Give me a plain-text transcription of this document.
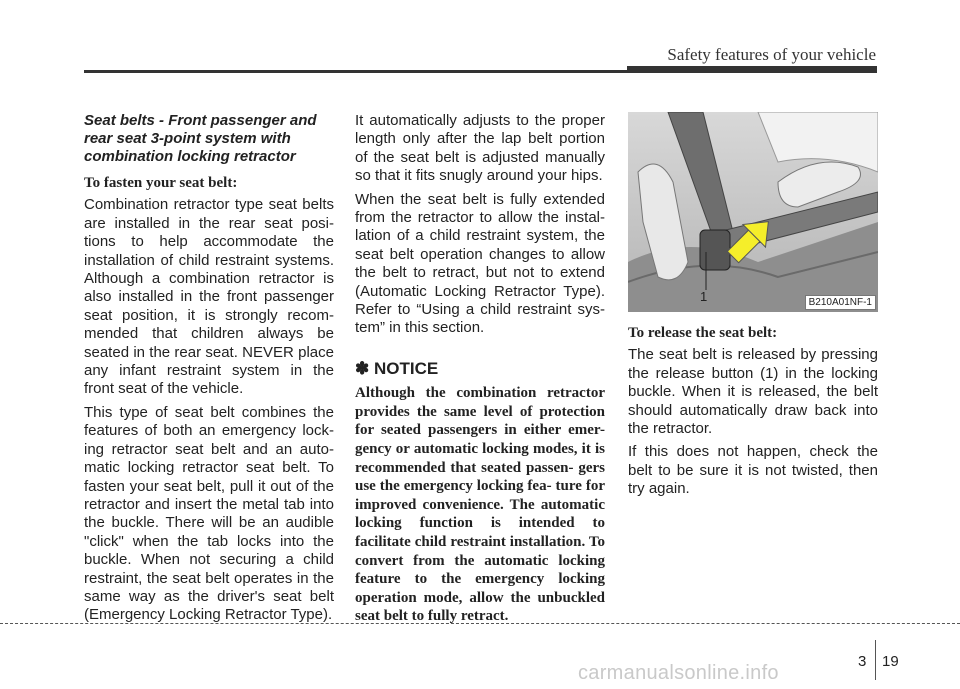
Safety features of your vehicle
Seat belts - Front passenger and rear seat 3-point system with combination locking retractor
To fasten your seat belt:

Combination retractor type seat belts are installed in the rear seat posi- tions to help accommodate the installation of child restraint systems. Although a combination retractor is also installed in the front passenger seat position, it is strongly recom- mended that children always be seated in the rear seat. NEVER place any infant restraint system in the front seat of the vehicle.

This type of seat belt combines the features of both an emergency lock- ing retractor seat belt and an auto- matic locking retractor seat belt. To fasten your seat belt, pull it out of the retractor and insert the metal tab into the buckle. There will be an audible "click" when the tab locks into the buckle. When not securing a child restraint, the seat belt operates in the same way as the driver's seat belt (Emergency Locking Retractor Type).

It automatically adjusts to the proper length only after the lap belt portion of the seat belt is adjusted manually so that it fits snugly around your hips.

When the seat belt is fully extended from the retractor to allow the instal- lation of a child restraint system, the seat belt operation changes to allow the belt to retract, but not to extend (Automatic Locking Retractor Type). Refer to “Using a child restraint sys- tem” in this section.

✽ NOTICE

Although the combination retractor provides the same level of protection for seated passengers in either emer- gency or automatic locking modes, it is recommended that seated passen- gers use the emergency locking fea- ture for improved convenience. The automatic locking function is intended to facilitate child restraint installation. To convert from the automatic locking feature to the emergency locking operation mode, allow the unbuckled seat belt to fully retract.

1	B210A01NF-1
To release the seat belt:

The seat belt is released by pressing the release button (1) in the locking buckle. When it is released, the belt should automatically draw back into the retractor.

If this does not happen, check the belt to be sure it is not twisted, then try again.

3 19
carmanualsonline.info
